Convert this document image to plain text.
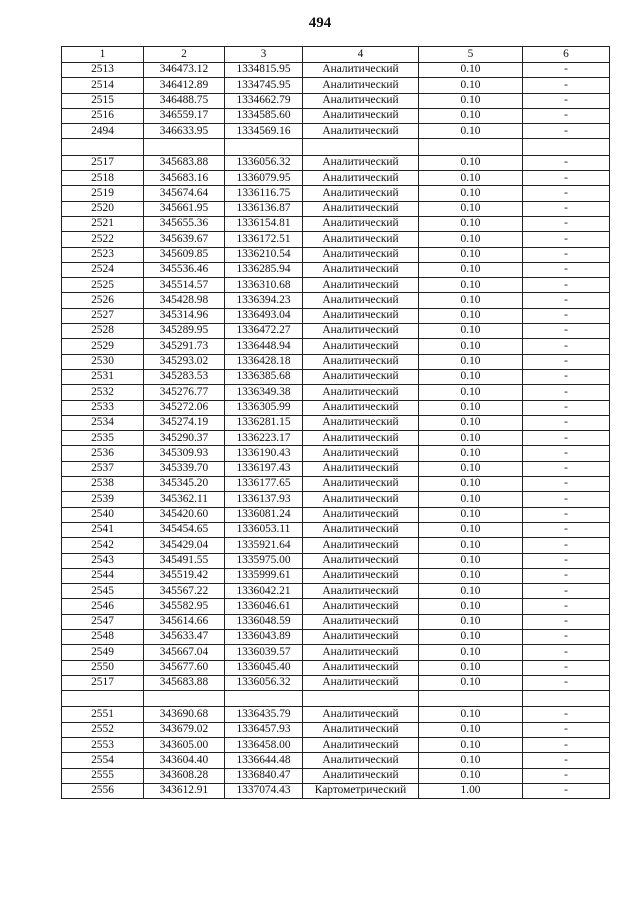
494
1	2	3	4	5	6
2513	346473.12	1334815.95	Аналитический	0.10	-
2514	346412.89	1334745.95	Аналитический	0.10	-
2515	346488.75	1334662.79	Аналитический	0.10	-
2516	346559.17	1334585.60	Аналитический	0.10	-
2494	346633.95	1334569.16	Аналитический	0.10	-

2517	345683.88	1336056.32	Аналитический	0.10	-
2518	345683.16	1336079.95	Аналитический	0.10	-
2519	345674.64	1336116.75	Аналитический	0.10	-
2520	345661.95	1336136.87	Аналитический	0.10	-
2521	345655.36	1336154.81	Аналитический	0.10	-
2522	345639.67	1336172.51	Аналитический	0.10	-
2523	345609.85	1336210.54	Аналитический	0.10	-
2524	345536.46	1336285.94	Аналитический	0.10	-
2525	345514.57	1336310.68	Аналитический	0.10	-
2526	345428.98	1336394.23	Аналитический	0.10	-
2527	345314.96	1336493.04	Аналитический	0.10	-
2528	345289.95	1336472.27	Аналитический	0.10	-
2529	345291.73	1336448.94	Аналитический	0.10	-
2530	345293.02	1336428.18	Аналитический	0.10	-
2531	345283.53	1336385.68	Аналитический	0.10	-
2532	345276.77	1336349.38	Аналитический	0.10	-
2533	345272.06	1336305.99	Аналитический	0.10	-
2534	345274.19	1336281.15	Аналитический	0.10	-
2535	345290.37	1336223.17	Аналитический	0.10	-
2536	345309.93	1336190.43	Аналитический	0.10	-
2537	345339.70	1336197.43	Аналитический	0.10	-
2538	345345.20	1336177.65	Аналитический	0.10	-
2539	345362.11	1336137.93	Аналитический	0.10	-
2540	345420.60	1336081.24	Аналитический	0.10	-
2541	345454.65	1336053.11	Аналитический	0.10	-
2542	345429.04	1335921.64	Аналитический	0.10	-
2543	345491.55	1335975.00	Аналитический	0.10	-
2544	345519.42	1335999.61	Аналитический	0.10	-
2545	345567.22	1336042.21	Аналитический	0.10	-
2546	345582.95	1336046.61	Аналитический	0.10	-
2547	345614.66	1336048.59	Аналитический	0.10	-
2548	345633.47	1336043.89	Аналитический	0.10	-
2549	345667.04	1336039.57	Аналитический	0.10	-
2550	345677.60	1336045.40	Аналитический	0.10	-
2517	345683.88	1336056.32	Аналитический	0.10	-

2551	343690.68	1336435.79	Аналитический	0.10	-
2552	343679.02	1336457.93	Аналитический	0.10	-
2553	343605.00	1336458.00	Аналитический	0.10	-
2554	343604.40	1336644.48	Аналитический	0.10	-
2555	343608.28	1336840.47	Аналитический	0.10	-
2556	343612.91	1337074.43	Картометрический	1.00	-
